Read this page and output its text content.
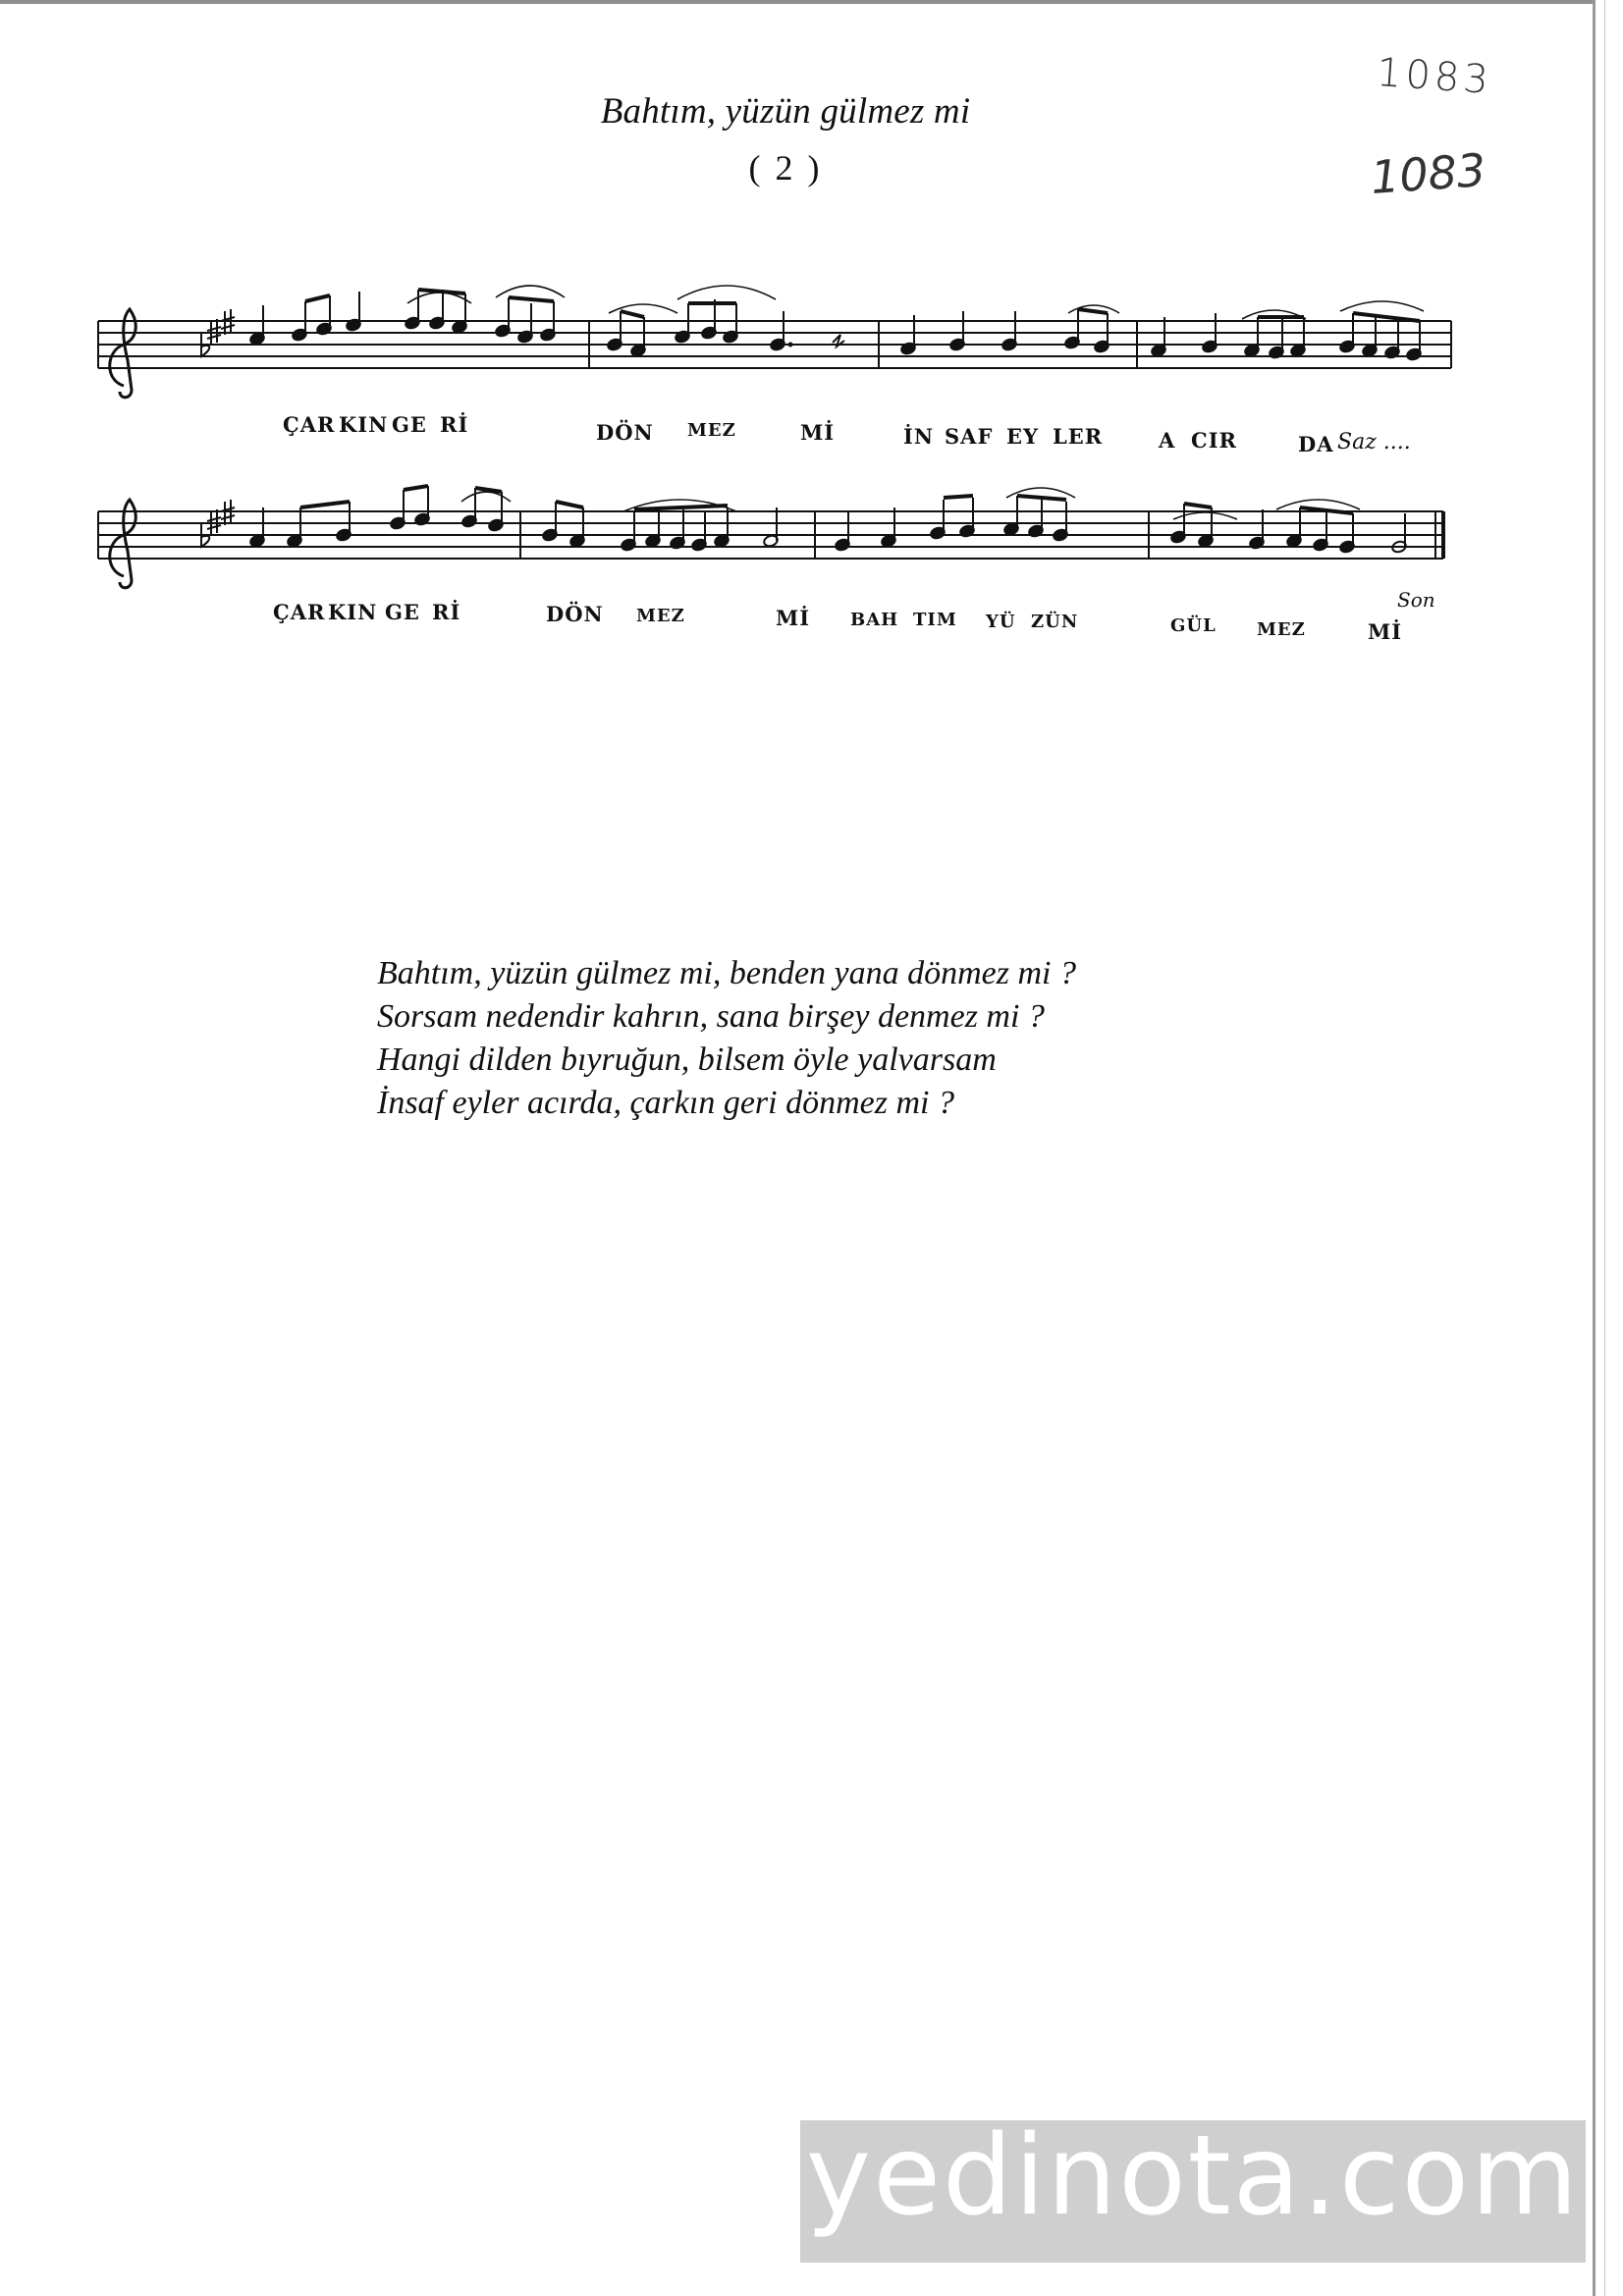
Bahtım, yüzün gülmez mi
( 2 )
1083
1083
ÇAR KIN GE Rİ	DÖN MEZ	Mİ	İN SAF EY LER	A CIR	DA Saz ....
ÇAR KIN GE Rİ	DÖN MEZ	Mİ BAH TIM YÜ ZÜN	GÜL MEZ	Mİ
Son
Bahtım, yüzün gülmez mi, benden yana dönmez mi ?
Sorsam nedendir kahrın, sana birşey denmez mi ?
Hangi dilden bıyruğun, bilsem öyle yalvarsam
İnsaf eyler acırda, çarkın geri dönmez mi ?
yedinota.com
